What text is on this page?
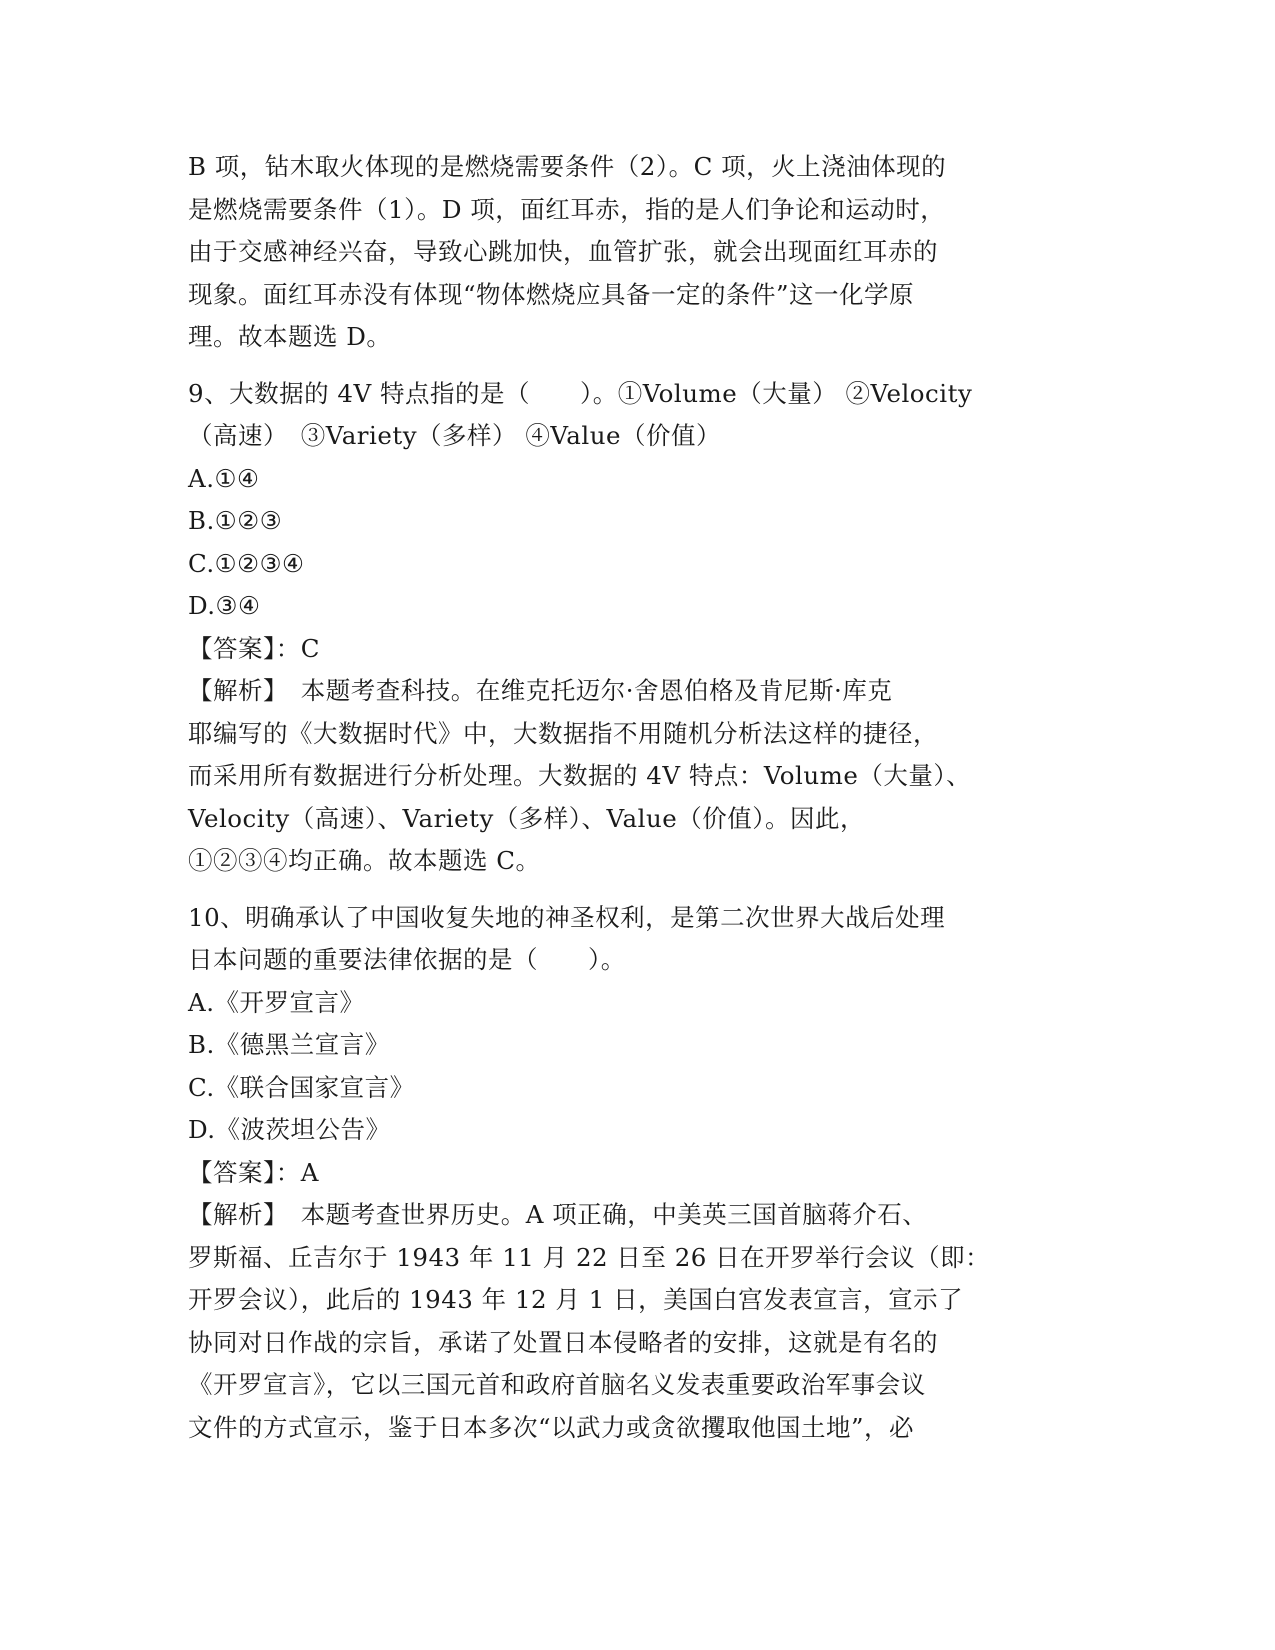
B 项，钻木取火体现的是燃烧需要条件（2）。C 项，火上浇油体现的
是燃烧需要条件（1）。D 项，面红耳赤，指的是人们争论和运动时，
由于交感神经兴奋，导致心跳加快，血管扩张，就会出现面红耳赤的
现象。面红耳赤没有体现“物体燃烧应具备一定的条件”这一化学原
理。故本题选 D。
9、大数据的 4V 特点指的是（　　）。①Volume（大量） ②Velocity
（高速）　③Variety（多样） ④Value（价值）
A.①④
B.①②③
C.①②③④
D.③④
【答案】：C
【解析】　本题考查科技。在维克托迈尔·舍恩伯格及肯尼斯·库克
耶编写的《大数据时代》中，大数据指不用随机分析法这样的捷径，
而采用所有数据进行分析处理。大数据的 4V 特点：Volume（大量）、
Velocity（高速）、Variety（多样）、Value（价值）。因此，
①②③④均正确。故本题选 C。
10、明确承认了中国收复失地的神圣权利，是第二次世界大战后处理
日本问题的重要法律依据的是（　　）。
A.《开罗宣言》
B.《德黑兰宣言》
C.《联合国家宣言》
D.《波茨坦公告》
【答案】：A
【解析】　本题考查世界历史。A 项正确，中美英三国首脑蒋介石、
罗斯福、丘吉尔于 1943 年 11 月 22 日至 26 日在开罗举行会议（即：
开罗会议），此后的 1943 年 12 月 1 日，美国白宫发表宣言，宣示了
协同对日作战的宗旨，承诺了处置日本侵略者的安排，这就是有名的
《开罗宣言》，它以三国元首和政府首脑名义发表重要政治军事会议
文件的方式宣示，鉴于日本多次“以武力或贪欲攫取他国土地”，必
